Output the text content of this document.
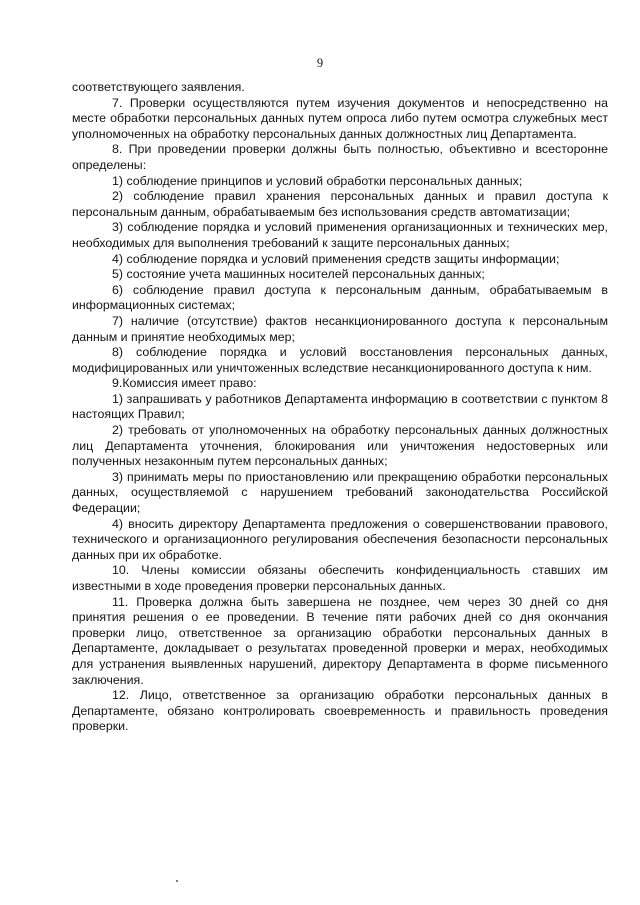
9

соответствующего заявления.

7. Проверки осуществляются путем изучения документов и непосредственно на месте обработки персональных данных путем опроса либо путем осмотра служебных мест уполномоченных на обработку персональных данных должностных лиц Департамента.

8. При проведении проверки должны быть полностью, объективно и всесторонне определены:

1) соблюдение принципов и условий обработки персональных данных;

2) соблюдение правил хранения персональных данных и правил доступа к персональным данным, обрабатываемым без использования средств автоматизации;

3) соблюдение порядка и условий применения организационных и технических мер, необходимых для выполнения требований к защите персональных данных;

4) соблюдение порядка и условий применения средств защиты информации;

5) состояние учета машинных носителей персональных данных;

6) соблюдение правил доступа к персональным данным, обрабатываемым в информационных системах;

7) наличие (отсутствие) фактов несанкционированного доступа к персональным данным и принятие необходимых мер;

8) соблюдение порядка и условий восстановления персональных данных, модифицированных или уничтоженных вследствие несанкционированного доступа к ним.

9.Комиссия имеет право:

1) запрашивать у работников Департамента информацию в соответствии с пунктом 8 настоящих Правил;

2) требовать от уполномоченных на обработку персональных данных должностных лиц Департамента уточнения, блокирования или уничтожения недостоверных или полученных незаконным путем персональных данных;

3) принимать меры по приостановлению или прекращению обработки персональных данных, осуществляемой с нарушением требований законодательства Российской Федерации;

4) вносить директору Департамента предложения о совершенствовании правового, технического и организационного регулирования обеспечения безопасности персональных данных при их обработке.

10. Члены комиссии обязаны обеспечить конфиденциальность ставших им известными в ходе проведения проверки персональных данных.

11. Проверка должна быть завершена не позднее, чем через 30 дней со дня принятия решения о ее проведении. В течение пяти рабочих дней со дня окончания проверки лицо, ответственное за организацию обработки персональных данных в Департаменте, докладывает о результатах проведенной проверки и мерах, необходимых для устранения выявленных нарушений, директору Департамента в форме письменного заключения.

12. Лицо, ответственное за организацию обработки персональных данных в Департаменте, обязано контролировать своевременность и правильность проведения проверки.
